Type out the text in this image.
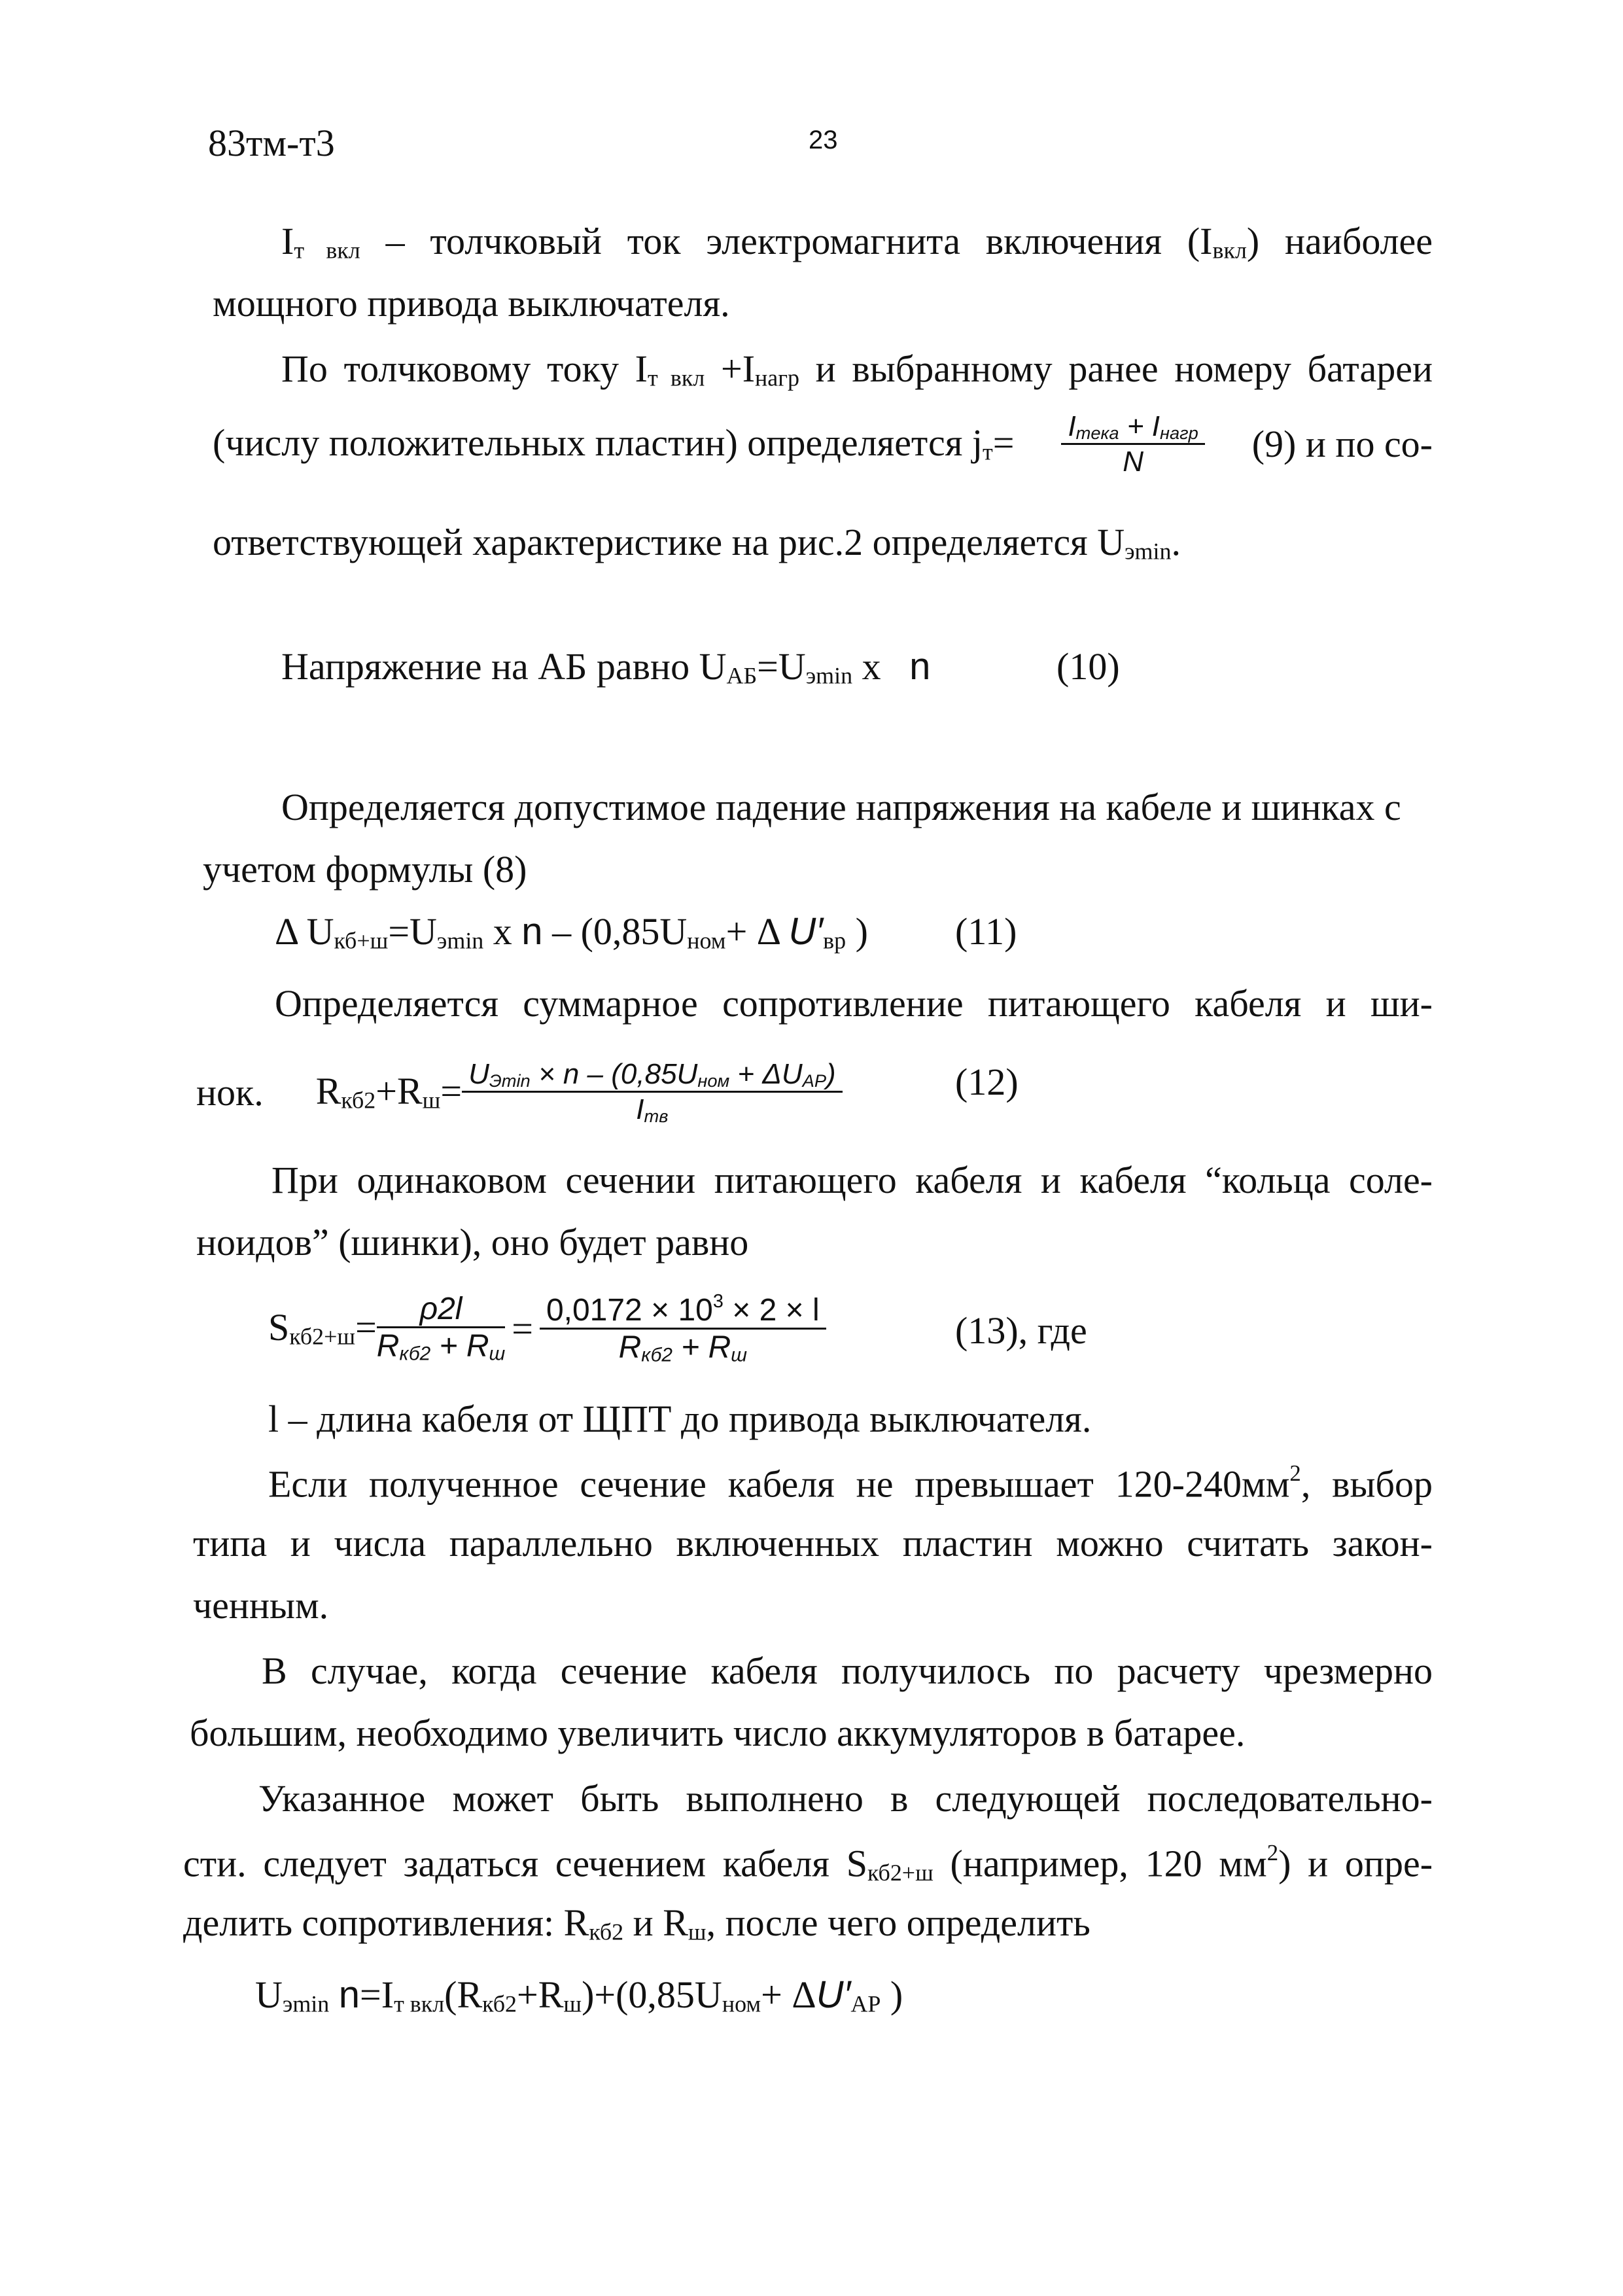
83тм-т3	23
Iт вкл – толчковый ток электромагнита включения (Iвкл) наиболее
мощного привода выключателя.
По толчковому току Iт вкл +Iнагр и выбранному ранее номеру батареи
(числу положительных пластин) определяется $jт= \frac{\text{Iтека + Iнагр}}{N} (9)$ и по со-
ответствующей характеристике на рис.2 определяется Uэmin.
Напряжение на АБ равно UАБ=Uэmin x n	(10)
Определяется допустимое падение напряжения на кабеле и шинках с
учетом формулы (8)
Δ Uкб+ш=Uэmin x n – (0,85Uном+ Δ U′вр ) (11)
Определяется суммарное сопротивление питающего кабеля и ши-
нок. $Rкб2+Rш= \frac{\text{UЭmin × n – (0,85Uном + ΔUАР)}}{\text{Iтв}}$	(12)
При одинаковом сечении питающего кабеля и кабеля “кольца соле-
ноидов” (шинки), оно будет равно
$Sкб2+ш= \frac{\rho 2l}{\text{Rкб2 + Rш}} = \frac{0,0172 \times 10^3 \times 2 \times l}{\text{Rкб2 + Rш}}$	(13), где
l – длина кабеля от ЩПТ до привода выключателя.
Если полученное сечение кабеля не превышает $120-240мм^2$, выбор
типа и числа параллельно включенных пластин можно считать закон-
ченным.
В случае, когда сечение кабеля получилось по расчету чрезмерно
большим, необходимо увеличить число аккумуляторов в батарее.
Указанное может быть выполнено в следующей последовательно-
сти. следует задаться сечением кабеля Sкб2+ш (например, 120 $мм^2$) и опре-
делить сопротивления: Rкб2 и Rш, после чего определить
Uэmin n=Iт вкл(Rкб2+Rш)+(0,85Uном+ ΔU′АР )
